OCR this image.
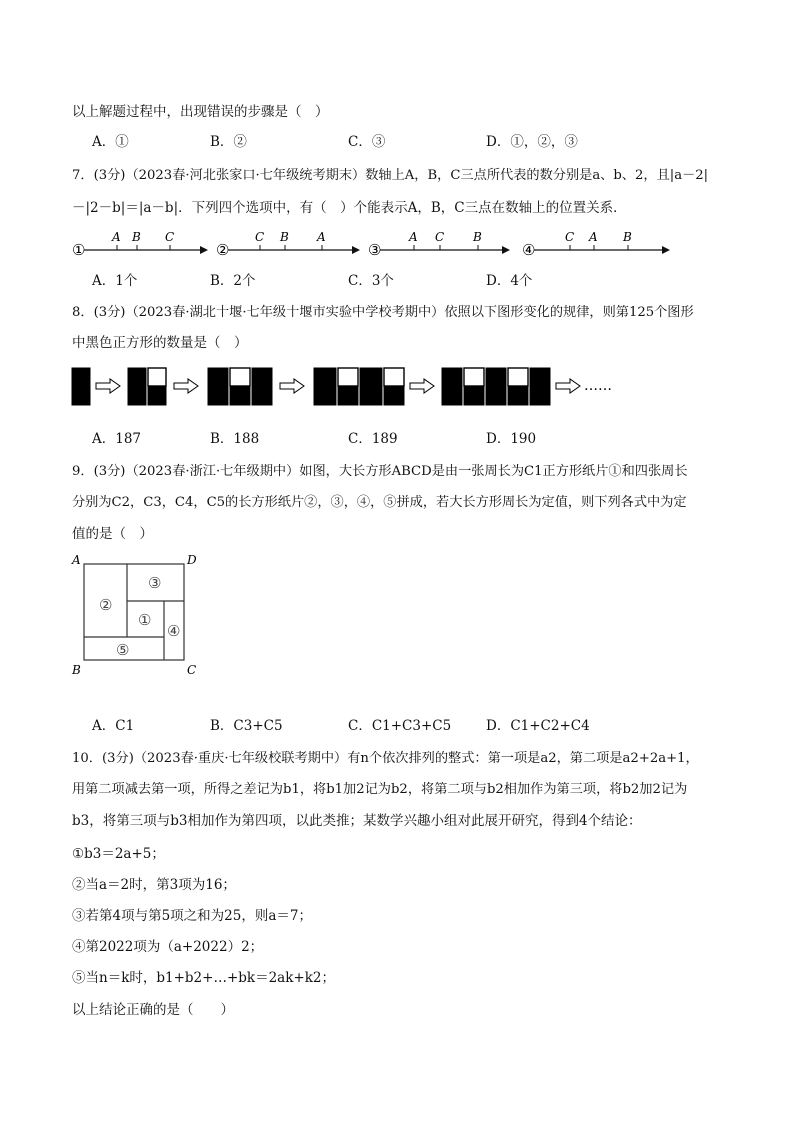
以上解题过程中，出现错误的步骤是（　）
A．①	B．②	C．③	D．①，②，③
7．(3分)（2023春·河北张家口·七年级统考期末）数轴上A，B，C三点所代表的数分别是a、b、2，且|a－2|
－|2－b|＝|a－b|．下列四个选项中，有（　）个能表示A，B，C三点在数轴上的位置关系．
①
A B C
②
C B A
③
A C B
④
C A B
A．1个	B．2个	C．3个	D．4个
8．(3分)（2023春·湖北十堰·七年级十堰市实验中学校考期中）依照以下图形变化的规律，则第125个图形
中黑色正方形的数量是（　）
……
A．187	B．188	C．189	D．190
9．(3分)（2023春·浙江·七年级期中）如图，大长方形ABCD是由一张周长为C1正方形纸片①和四张周长
分别为C2，C3，C4，C5的长方形纸片②，③，④，⑤拼成，若大长方形周长为定值，则下列各式中为定
值的是（　）
A	D
B	C
①
②
③
④
⑤
A．C1	B．C3+C5	C．C1+C3+C5	D．C1+C2+C4
10．(3分)（2023春·重庆·七年级校联考期中）有n个依次排列的整式：第一项是a2，第二项是a2+2a+1，
用第二项减去第一项，所得之差记为b1，将b1加2记为b2，将第二项与b2相加作为第三项，将b2加2记为
b3，将第三项与b3相加作为第四项，以此类推；某数学兴趣小组对此展开研究，得到4个结论：
①b3＝2a+5；
②当a＝2时，第3项为16；
③若第4项与第5项之和为25，则a＝7；
④第2022项为（a+2022）2；
⑤当n＝k时，b1+b2+…+bk＝2ak+k2；
以上结论正确的是（　　）
